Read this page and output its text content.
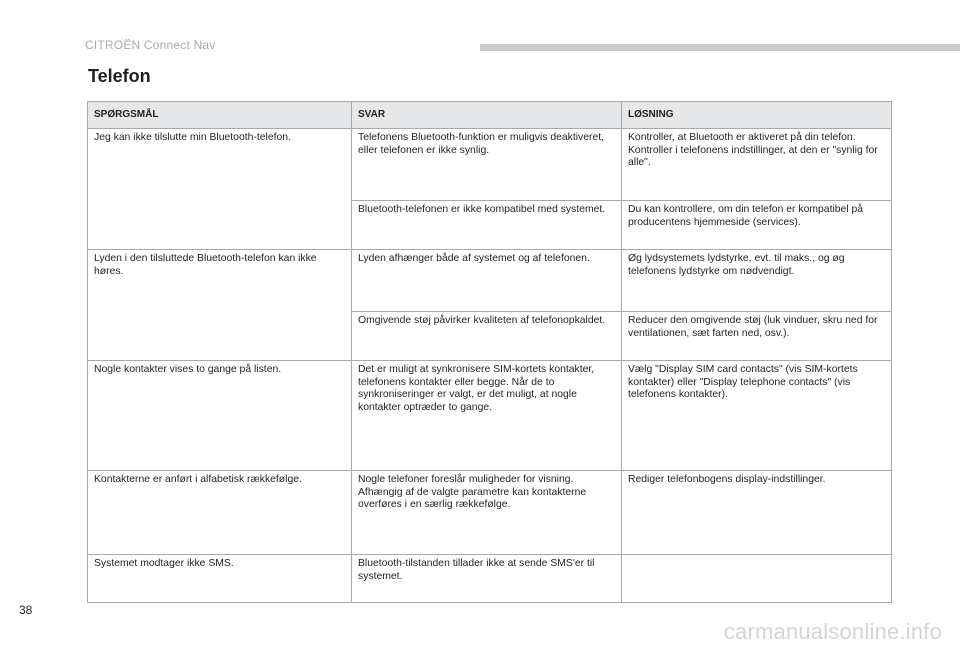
CITROËN Connect Nav
Telefon
SPØRGSMÅL	SVAR	LØSNING
Jeg kan ikke tilslutte min Bluetooth-telefon.	Telefonens Bluetooth-funktion er muligvis deaktiveret, eller telefonen er ikke synlig.	Kontroller, at Bluetooth er aktiveret på din telefon.
Kontroller i telefonens indstillinger, at den er "synlig for alle".

	Bluetooth-telefonen er ikke kompatibel med systemet.	Du kan kontrollere, om din telefon er kompatibel på producentens hjemmeside (services).
Lyden i den tilsluttede Bluetooth-telefon kan ikke høres.	Lyden afhænger både af systemet og af telefonen.	Øg lydsystemets lydstyrke, evt. til maks., og øg telefonens lydstyrke om nødvendigt.
	Omgivende støj påvirker kvaliteten af telefonopkaldet.	Reducer den omgivende støj (luk vinduer, skru ned for ventilationen, sæt farten ned, osv.).
Nogle kontakter vises to gange på listen.	Det er muligt at synkronisere SIM-kortets kontakter, telefonens kontakter eller begge. Når de to synkroniseringer er valgt, er det muligt, at nogle kontakter optræder to gange.	Vælg "Display SIM card contacts" (vis SIM-kortets kontakter) eller "Display telephone contacts" (vis telefonens kontakter).
Kontakterne er anført i alfabetisk rækkefølge.	Nogle telefoner foreslår muligheder for visning. Afhængig af de valgte parametre kan kontakterne overføres i en særlig rækkefølge.	Rediger telefonbogens display-indstillinger.
Systemet modtager ikke SMS.	Bluetooth-tilstanden tillader ikke at sende SMS'er til systemet.	
38
carmanualsonline.info
